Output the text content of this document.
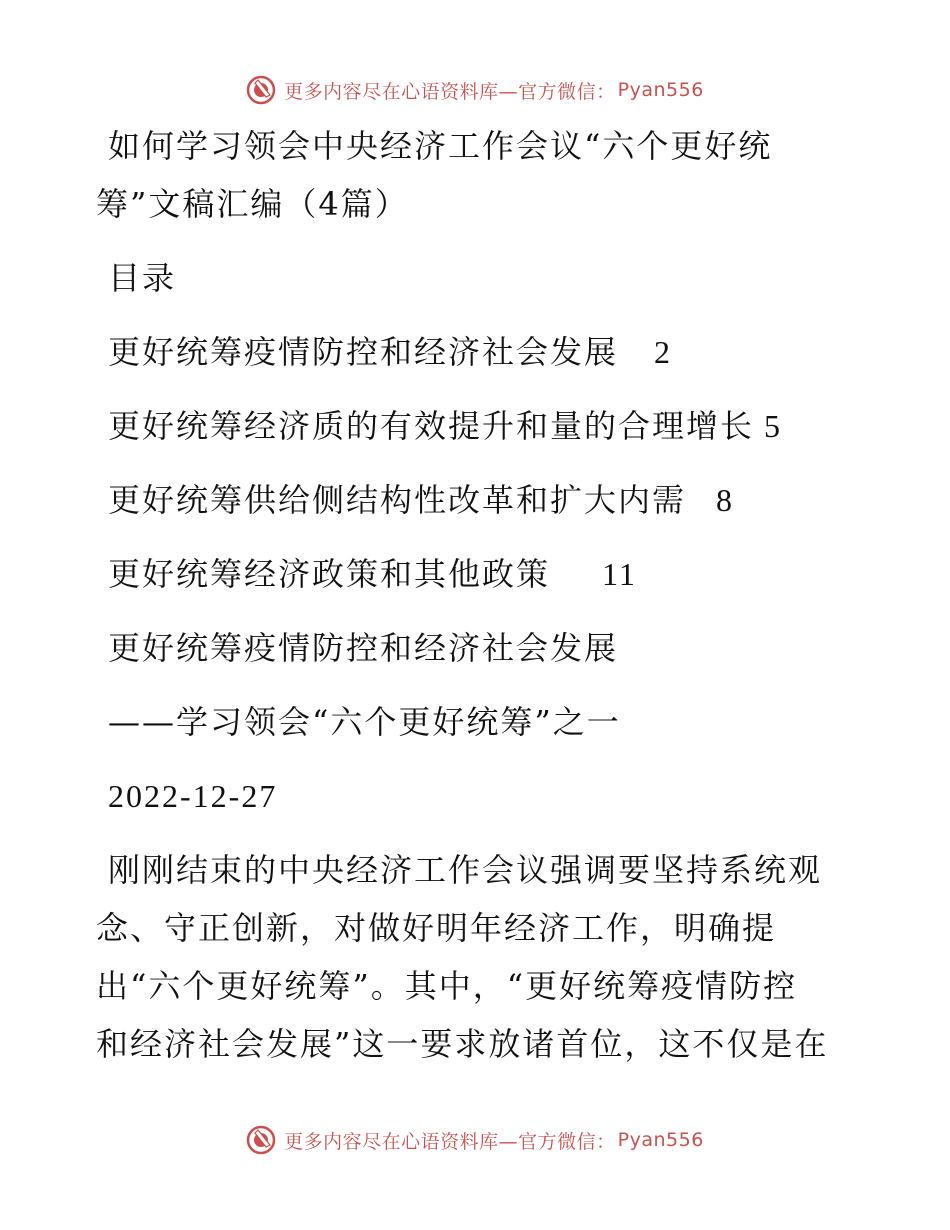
更多内容尽在心语资料库—官方微信： Pyan556
如何学习领会中央经济工作会议“六个更好统
筹”文稿汇编（4篇）
目录
更好统筹疫情防控和经济社会发展 2
更好统筹经济质的有效提升和量的合理增长 5
更好统筹供给侧结构性改革和扩大内需 8
更好统筹经济政策和其他政策 11
更好统筹疫情防控和经济社会发展
——学习领会“六个更好统筹”之一
2022-12-27
刚刚结束的中央经济工作会议强调要坚持系统观
念、守正创新，对做好明年经济工作，明确提
出“六个更好统筹”。其中，“更好统筹疫情防控
和经济社会发展”这一要求放诸首位，这不仅是在
更多内容尽在心语资料库—官方微信： Pyan556
